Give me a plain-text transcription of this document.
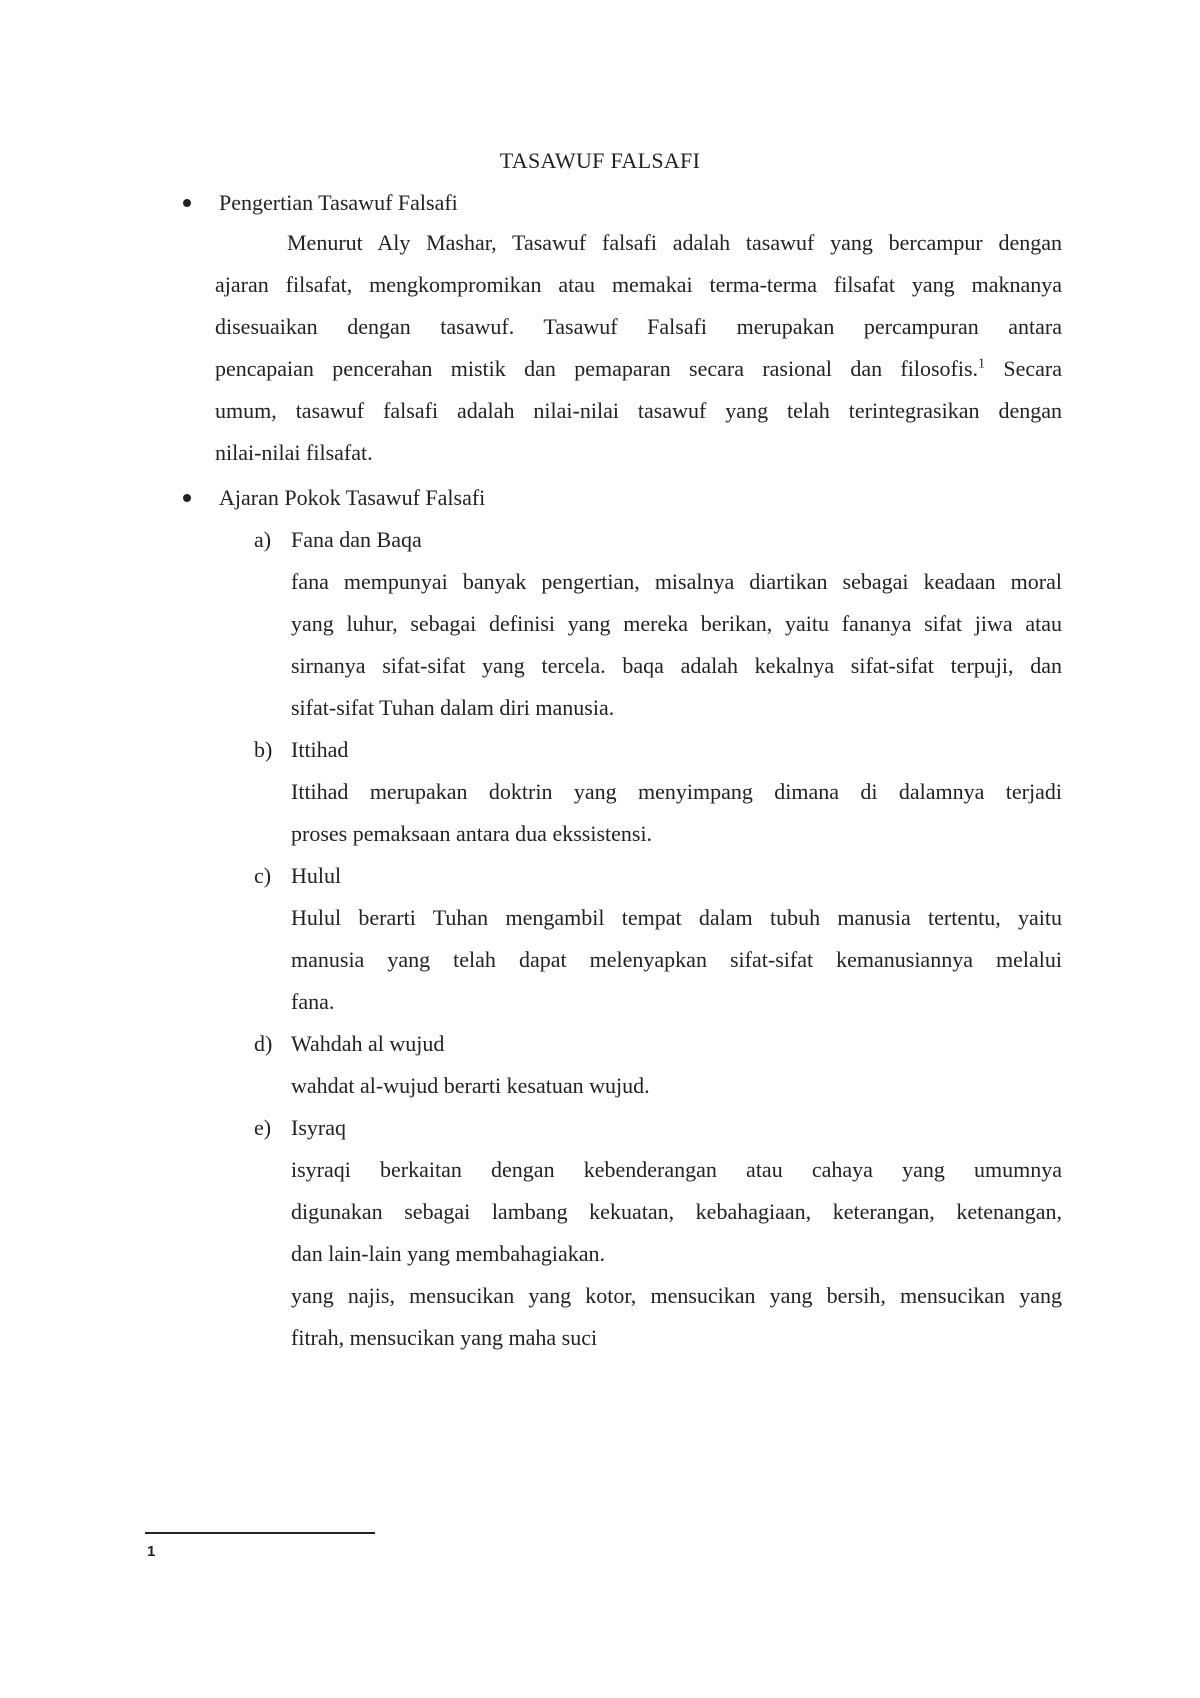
TASAWUF FALSAFI
Pengertian Tasawuf Falsafi
Menurut Aly Mashar, Tasawuf falsafi adalah tasawuf yang bercampur dengan
ajaran filsafat, mengkompromikan atau memakai terma-terma filsafat yang maknanya
disesuaikan dengan tasawuf. Tasawuf Falsafi merupakan percampuran antara
pencapaian pencerahan mistik dan pemaparan secara rasional dan filosofis.$^1$ Secara
umum, tasawuf falsafi adalah nilai-nilai tasawuf yang telah terintegrasikan dengan
nilai-nilai filsafat.
Ajaran Pokok Tasawuf Falsafi
a) Fana dan Baqa
fana mempunyai banyak pengertian, misalnya diartikan sebagai keadaan moral
yang luhur, sebagai definisi yang mereka berikan, yaitu fananya sifat jiwa atau
sirnanya sifat-sifat yang tercela. baqa adalah kekalnya sifat-sifat terpuji, dan
sifat-sifat Tuhan dalam diri manusia.
b) Ittihad
Ittihad merupakan doktrin yang menyimpang dimana di dalamnya terjadi
proses pemaksaan antara dua ekssistensi.
c) Hulul
Hulul berarti Tuhan mengambil tempat dalam tubuh manusia tertentu, yaitu
manusia yang telah dapat melenyapkan sifat-sifat kemanusiannya melalui
fana.
d) Wahdah al wujud
wahdat al-wujud berarti kesatuan wujud.
e) Isyraq
isyraqi berkaitan dengan kebenderangan atau cahaya yang umumnya
digunakan sebagai lambang kekuatan, kebahagiaan, keterangan, ketenangan,
dan lain-lain yang membahagiakan.
yang najis, mensucikan yang kotor, mensucikan yang bersih, mensucikan yang
fitrah, mensucikan yang maha suci
1
